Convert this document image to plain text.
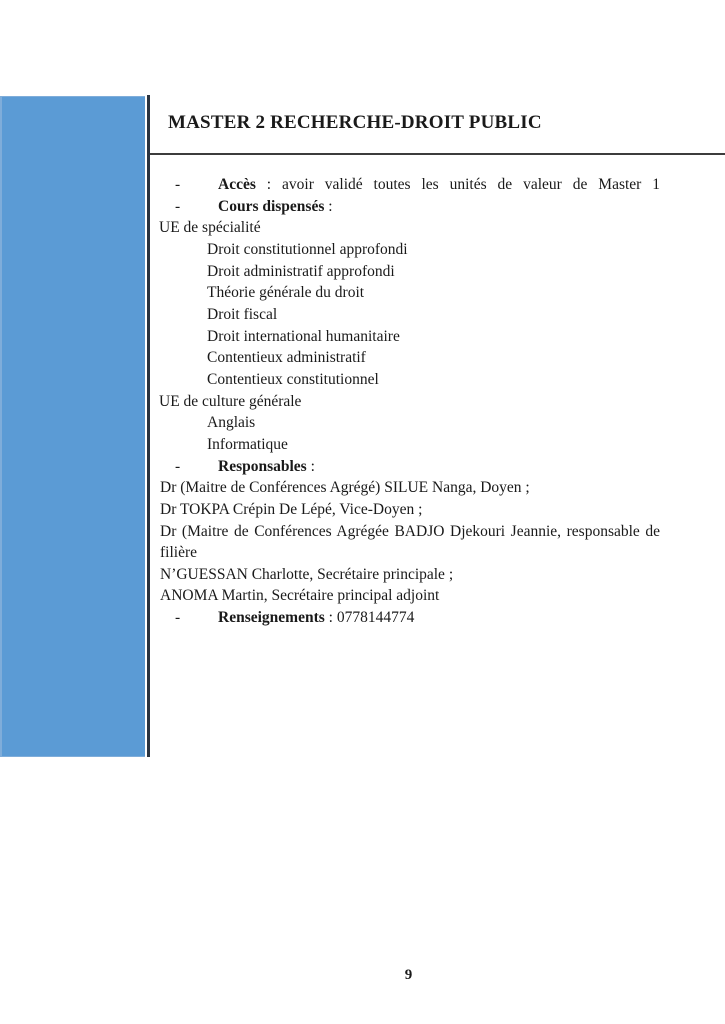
MASTER 2 RECHERCHE-DROIT PUBLIC
- Accès : avoir validé toutes les unités de valeur de Master 1
- Cours dispensés :
UE de spécialité
Droit constitutionnel approfondi
Droit administratif approfondi
Théorie générale du droit
Droit fiscal
Droit international humanitaire
Contentieux administratif
Contentieux constitutionnel
UE de culture générale
Anglais
Informatique
- Responsables :
Dr (Maitre de Conférences Agrégé) SILUE Nanga, Doyen ;
Dr TOKPA Crépin De Lépé, Vice-Doyen ;
Dr (Maitre de Conférences Agrégée BADJO Djekouri Jeannie, responsable de
filière
N’GUESSAN Charlotte, Secrétaire principale ;
ANOMA Martin, Secrétaire principal adjoint
- Renseignements : 0778144774
9
